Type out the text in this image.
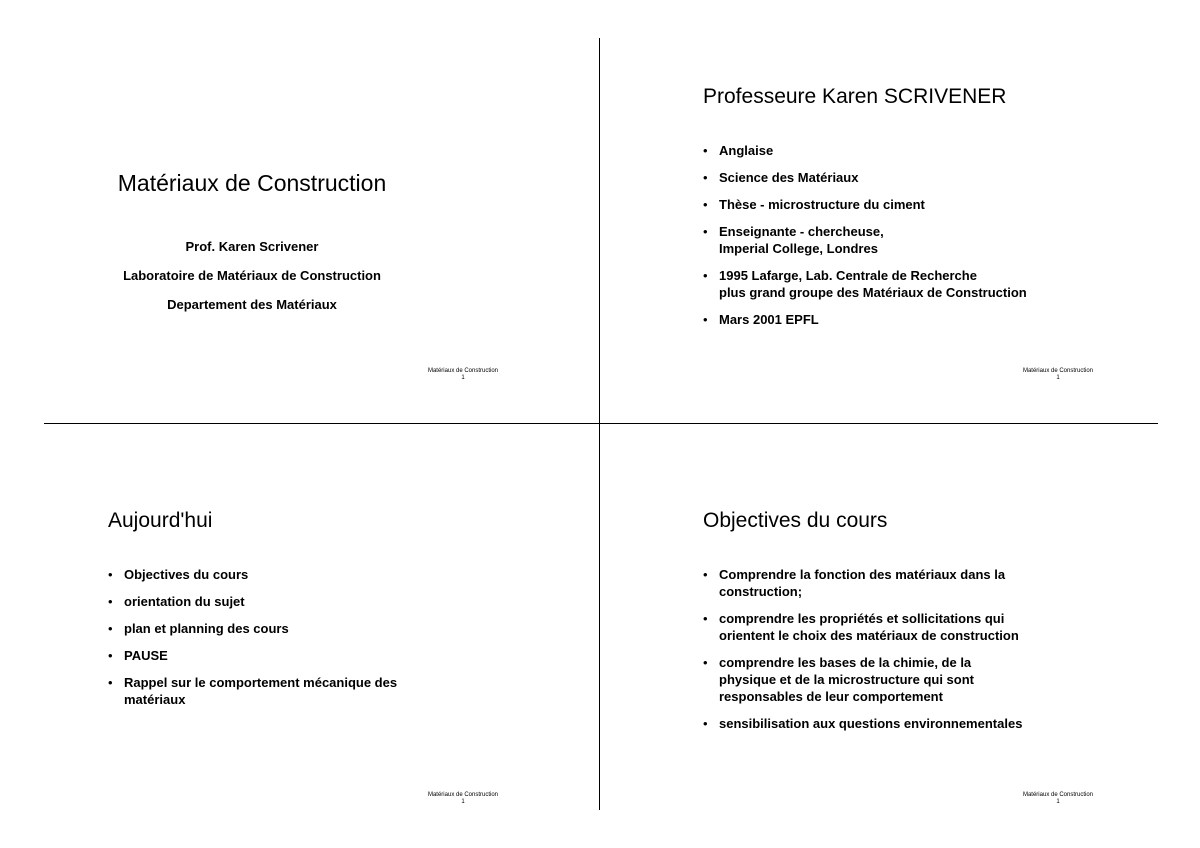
Matériaux de Construction
Prof. Karen Scrivener
Laboratoire de Matériaux de Construction
Departement des Matériaux
Matériaux de Construction
1
Professeure Karen SCRIVENER
• Anglaise
• Science des Matériaux
• Thèse - microstructure du ciment
• Enseignante - chercheuse,
Imperial College, Londres
• 1995 Lafarge, Lab. Centrale de Recherche
plus grand groupe des Matériaux de Construction
• Mars 2001 EPFL
Matériaux de Construction
1
Aujourd'hui
• Objectives du cours
• orientation du sujet
• plan et planning des cours
• PAUSE
• Rappel sur le comportement mécanique des
matériaux
Matériaux de Construction
1
Objectives du cours
• Comprendre la fonction des matériaux dans la
construction;
• comprendre les propriétés et sollicitations qui
orientent le choix des matériaux de construction
• comprendre les bases de la chimie, de la
physique et de la microstructure qui sont
responsables de leur comportement
• sensibilisation aux questions environnementales
Matériaux de Construction
1
